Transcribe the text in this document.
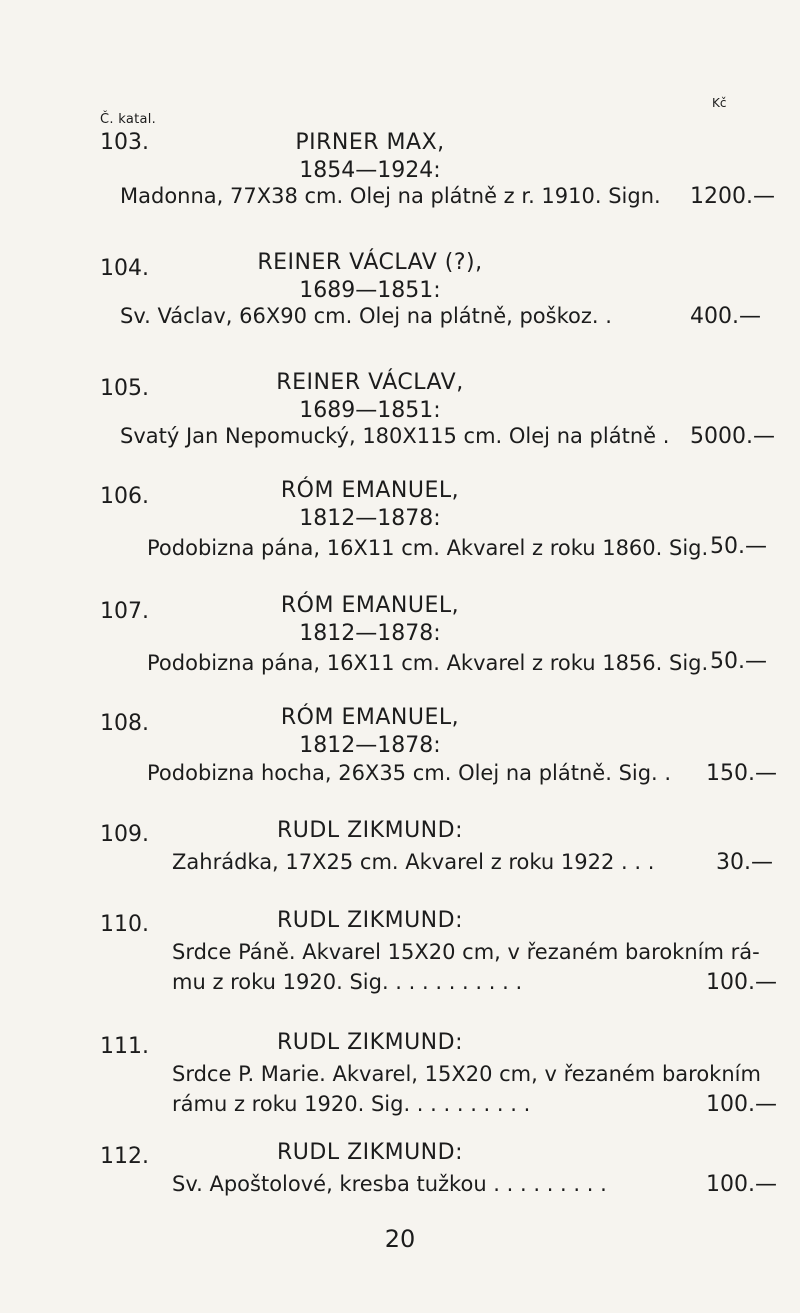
Č. katal.
Kč
103.	PIRNER MAX,
1854—1924:
Madonna, 77X38 cm. Olej na plátně z r. 1910. Sign. 1200.—
104.	REINER VÁCLAV (?),
1689—1851:
Sv. Václav, 66X90 cm. Olej na plátně, poškoz. .	400.—
105.	REINER VÁCLAV,
1689—1851:
Svatý Jan Nepomucký, 180X115 cm. Olej na plátně . 5000.—
106.	RÓM EMANUEL,
1812—1878:
Podobizna pána, 16X11 cm. Akvarel z roku 1860. Sig. 50.—
107.	RÓM EMANUEL,
1812—1878:
Podobizna pána, 16X11 cm. Akvarel z roku 1856. Sig. 50.—
108.	RÓM EMANUEL,
1812—1878:
Podobizna hocha, 26X35 cm. Olej na plátně. Sig. . 150.—
109.	RUDL ZIKMUND:
Zahrádka, 17X25 cm. Akvarel z roku 1922 . . .	30.—
110.	RUDL ZIKMUND:
Srdce Páně. Akvarel 15X20 cm, v řezaném barokním rá-
mu z roku 1920. Sig. . . . . . . . . . .	100.—
111.	RUDL ZIKMUND:
Srdce P. Marie. Akvarel, 15X20 cm, v řezaném barokním
rámu z roku 1920. Sig. . . . . . . . . .	100.—
112.	RUDL ZIKMUND:
Sv. Apoštolové, kresba tužkou . . . . . . . . .	100.—
20
